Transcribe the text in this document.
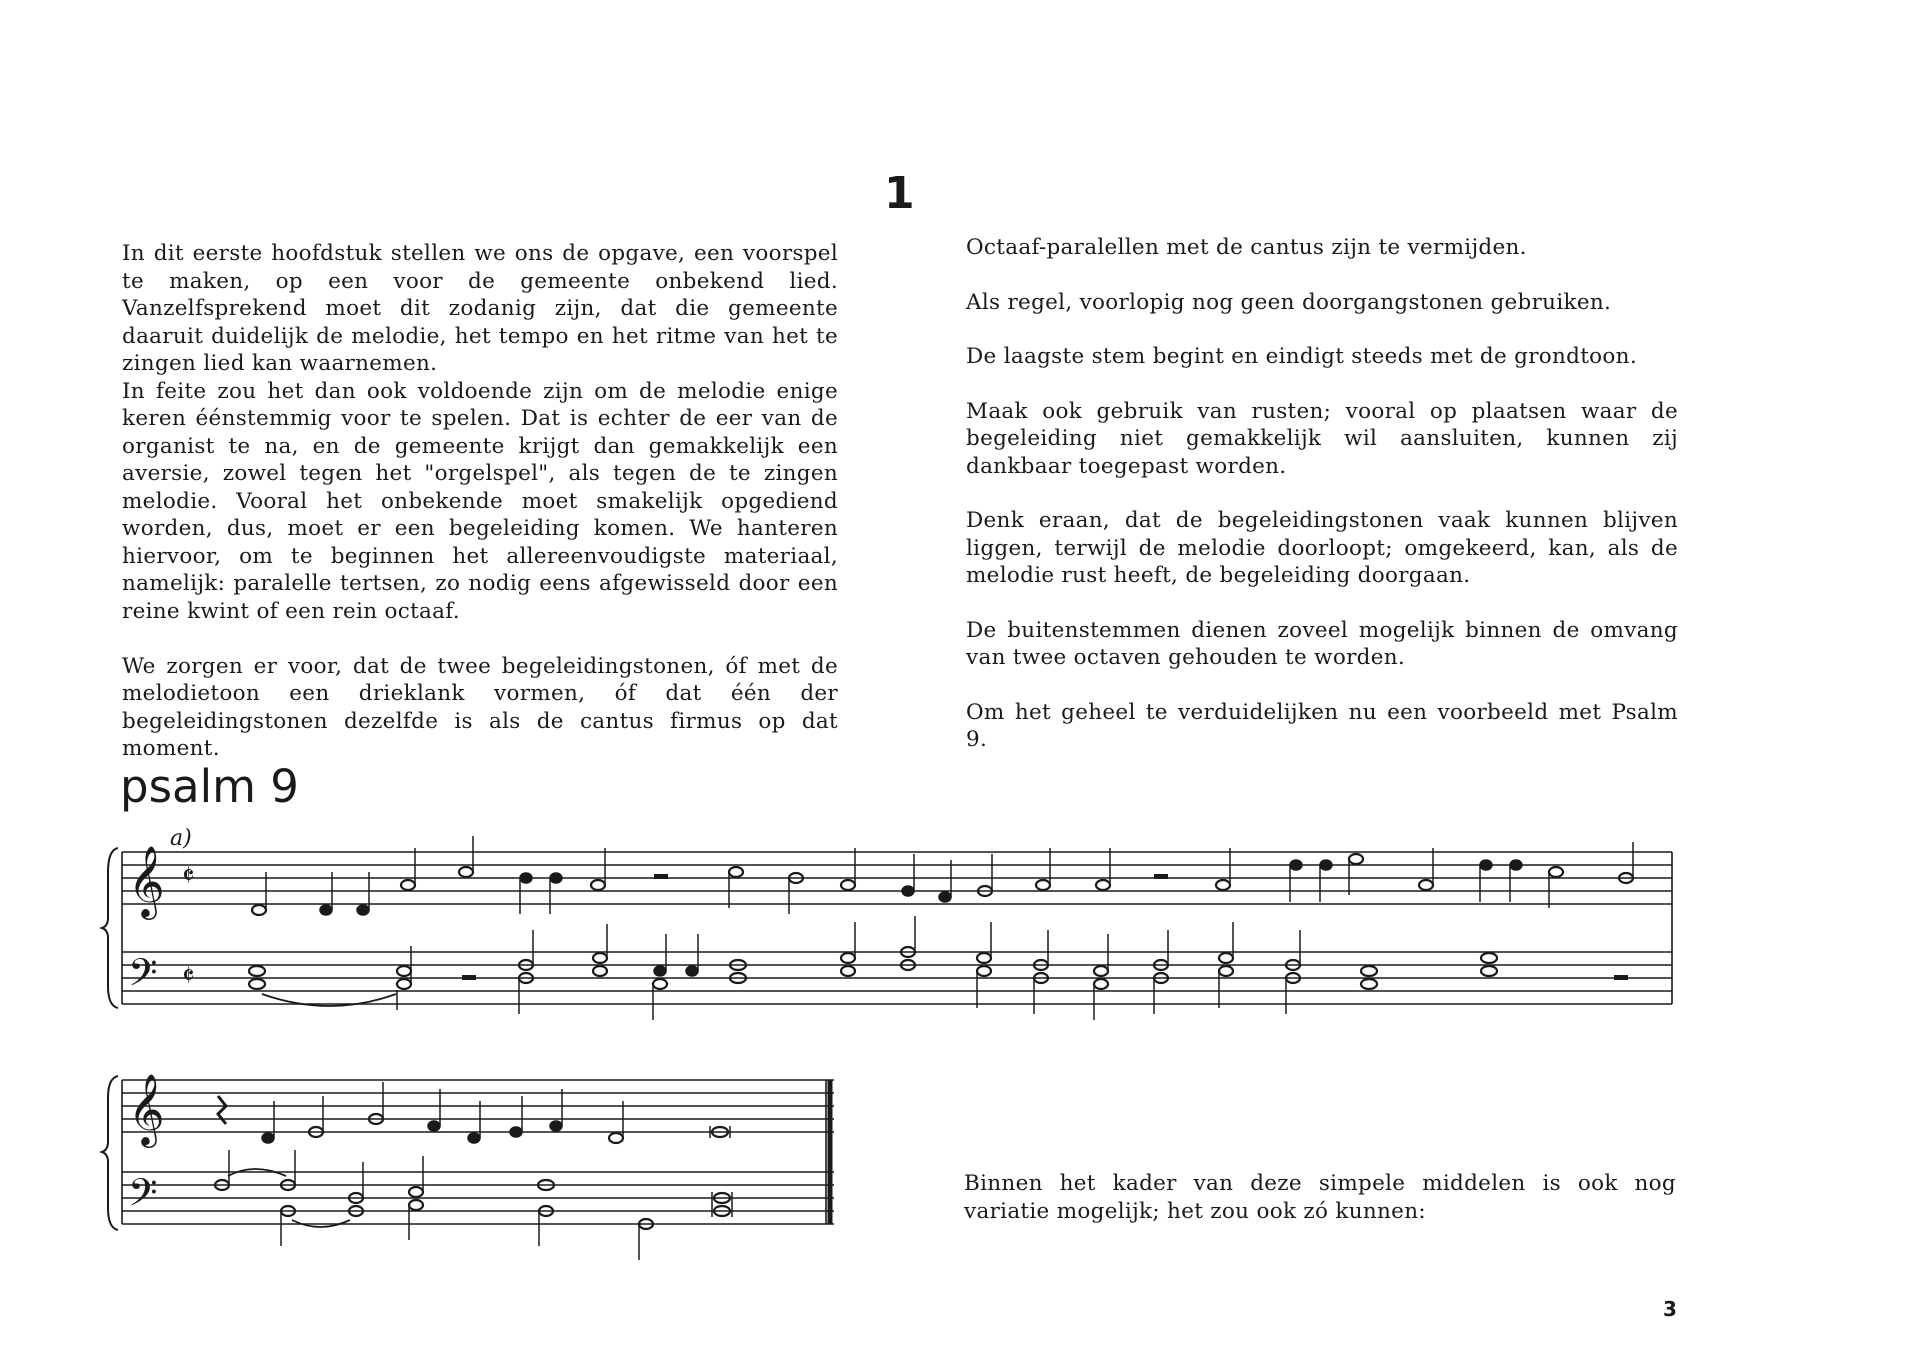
1

In dit eerste hoofdstuk stellen we ons de opgave, een voorspel te maken, op een voor de gemeente onbekend lied. Vanzelfsprekend moet dit zodanig zijn, dat die gemeente daaruit duidelijk de melodie, het tempo en het ritme van het te zingen lied kan waarnemen.

In feite zou het dan ook voldoende zijn om de melodie enige keren éénstemmig voor te spelen. Dat is echter de eer van de organist te na, en de gemeente krijgt dan gemakkelijk een aversie, zowel tegen het "orgelspel", als tegen de te zingen melodie. Vooral het onbekende moet smakelijk opgediend worden, dus, moet er een begeleiding komen. We hanteren hiervoor, om te beginnen het allereenvoudigste materiaal, namelijk: paralelle tertsen, zo nodig eens afgewisseld door een reine kwint of een rein octaaf.

We zorgen er voor, dat de twee begeleidingstonen, óf met de melodietoon een drieklank vormen, óf dat één der begeleidingstonen dezelfde is als de cantus firmus op dat moment.

Octaaf-paralellen met de cantus zijn te vermijden.

Als regel, voorlopig nog geen doorgangstonen gebruiken.

De laagste stem begint en eindigt steeds met de grondtoon.

Maak ook gebruik van rusten; vooral op plaatsen waar de begeleiding niet gemakkelijk wil aansluiten, kunnen zij dankbaar toegepast worden.

Denk eraan, dat de begeleidingstonen vaak kunnen blijven liggen, terwijl de melodie doorloopt; omgekeerd, kan, als de melodie rust heeft, de begeleiding doorgaan.

De buitenstemmen dienen zoveel mogelijk binnen de omvang van twee octaven gehouden te worden.

Om het geheel te verduidelijken nu een voorbeeld met Psalm 9.

psalm 9
a)
𝄞
𝄢
𝄞
𝄢
𝄵
𝄵

Binnen het kader van deze simpele middelen is ook nog variatie mogelijk; het zou ook zó kunnen:

3
